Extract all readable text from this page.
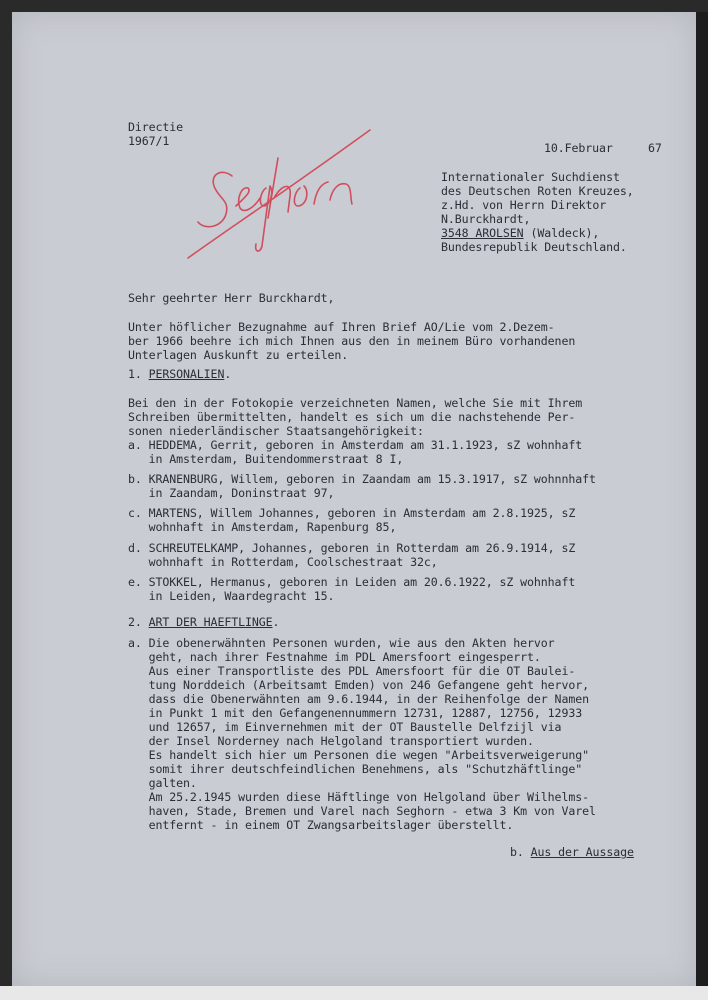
Directie

1967/1	10.Februar	67

Internationaler Suchdienst

des Deutschen Roten Kreuzes,

z.Hd. von Herrn Direktor

N.Burckhardt,

3548 AROLSEN (Waldeck),

Bundesrepublik Deutschland.

Sehr geehrter Herr Burckhardt,

Unter höflicher Bezugnahme auf Ihren Brief AO/Lie vom 2.Dezem-

ber 1966 beehre ich mich Ihnen aus den in meinem Büro vorhandenen

Unterlagen Auskunft zu erteilen.

1. PERSONALIEN.

Bei den in der Fotokopie verzeichneten Namen, welche Sie mit Ihrem

Schreiben übermittelten, handelt es sich um die nachstehende Per-

sonen niederländischer Staatsangehörigkeit:

a. HEDDEMA, Gerrit, geboren in Amsterdam am 31.1.1923, sZ wohnhaft

in Amsterdam, Buitendommerstraat 8 I,

b. KRANENBURG, Willem, geboren in Zaandam am 15.3.1917, sZ wohnnhaft

in Zaandam, Doninstraat 97,

c. MARTENS, Willem Johannes, geboren in Amsterdam am 2.8.1925, sZ

wohnhaft in Amsterdam, Rapenburg 85,

d. SCHREUTELKAMP, Johannes, geboren in Rotterdam am 26.9.1914, sZ

wohnhaft in Rotterdam, Coolschestraat 32c,

e. STOKKEL, Hermanus, geboren in Leiden am 20.6.1922, sZ wohnhaft

in Leiden, Waardegracht 15.

2. ART DER HAEFTLINGE.

a. Die obenerwähnten Personen wurden, wie aus den Akten hervor

geht, nach ihrer Festnahme im PDL Amersfoort eingesperrt.

Aus einer Transportliste des PDL Amersfoort für die OT Baulei-

tung Norddeich (Arbeitsamt Emden) von 246 Gefangene geht hervor,

dass die Obenerwähnten am 9.6.1944, in der Reihenfolge der Namen

in Punkt 1 mit den Gefangenennummern 12731, 12887, 12756, 12933

und 12657, im Einvernehmen mit der OT Baustelle Delfzijl via

der Insel Norderney nach Helgoland transportiert wurden.

Es handelt sich hier um Personen die wegen "Arbeitsverweigerung"

somit ihrer deutschfeindlichen Benehmens, als "Schutzhäftlinge"

galten.

Am 25.2.1945 wurden diese Häftlinge von Helgoland über Wilhelms-

haven, Stade, Bremen und Varel nach Seghorn - etwa 3 Km von Varel

entfernt - in einem OT Zwangsarbeitslager überstellt.

b. Aus der Aussage
